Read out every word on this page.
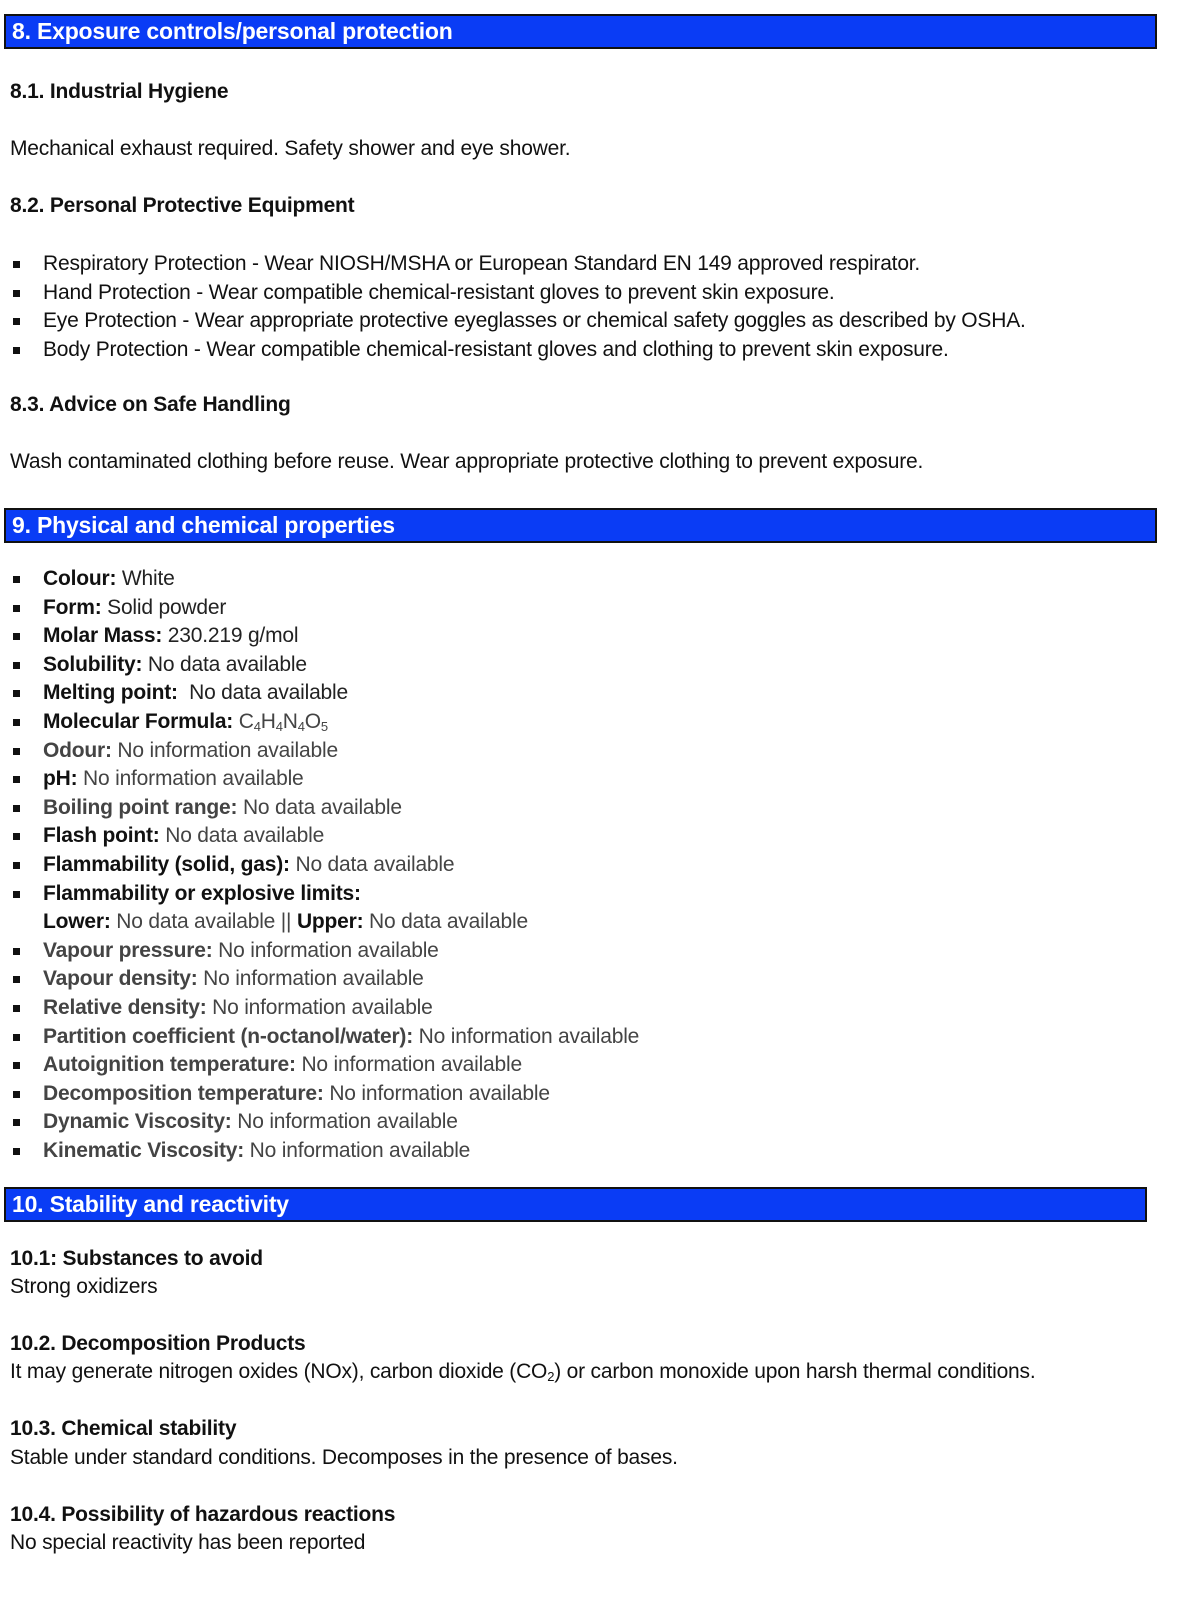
8. Exposure controls/personal protection

8.1. Industrial Hygiene

Mechanical exhaust required. Safety shower and eye shower.

8.2. Personal Protective Equipment

Respiratory Protection - Wear NIOSH/MSHA or European Standard EN 149 approved respirator.
Hand Protection - Wear compatible chemical-resistant gloves to prevent skin exposure.
Eye Protection - Wear appropriate protective eyeglasses or chemical safety goggles as described by OSHA.
Body Protection - Wear compatible chemical-resistant gloves and clothing to prevent skin exposure.

8.3. Advice on Safe Handling

Wash contaminated clothing before reuse. Wear appropriate protective clothing to prevent exposure.

9. Physical and chemical properties
Colour: White
Form: Solid powder
Molar Mass: 230.219 g/mol
Solubility: No data available
Melting point:  No data available
Molecular Formula: $C_4H_4N_4O_5$
Odour: No information available
pH: No information available
Boiling point range: No data available
Flash point: No data available
Flammability (solid, gas): No data available
Flammability or explosive limits:
Lower: No data available || Upper: No data available
Vapour pressure: No information available
Vapour density: No information available
Relative density: No information available
Partition coefficient (n-octanol/water): No information available
Autoignition temperature: No information available
Decomposition temperature: No information available
Dynamic Viscosity: No information available
Kinematic Viscosity: No information available
10. Stability and reactivity

10.1: Substances to avoid

Strong oxidizers

10.2. Decomposition Products

It may generate nitrogen oxides (NOx), carbon dioxide $(CO_2)$ or carbon monoxide upon harsh thermal conditions.

10.3. Chemical stability

Stable under standard conditions. Decomposes in the presence of bases.

10.4. Possibility of hazardous reactions

No special reactivity has been reported
